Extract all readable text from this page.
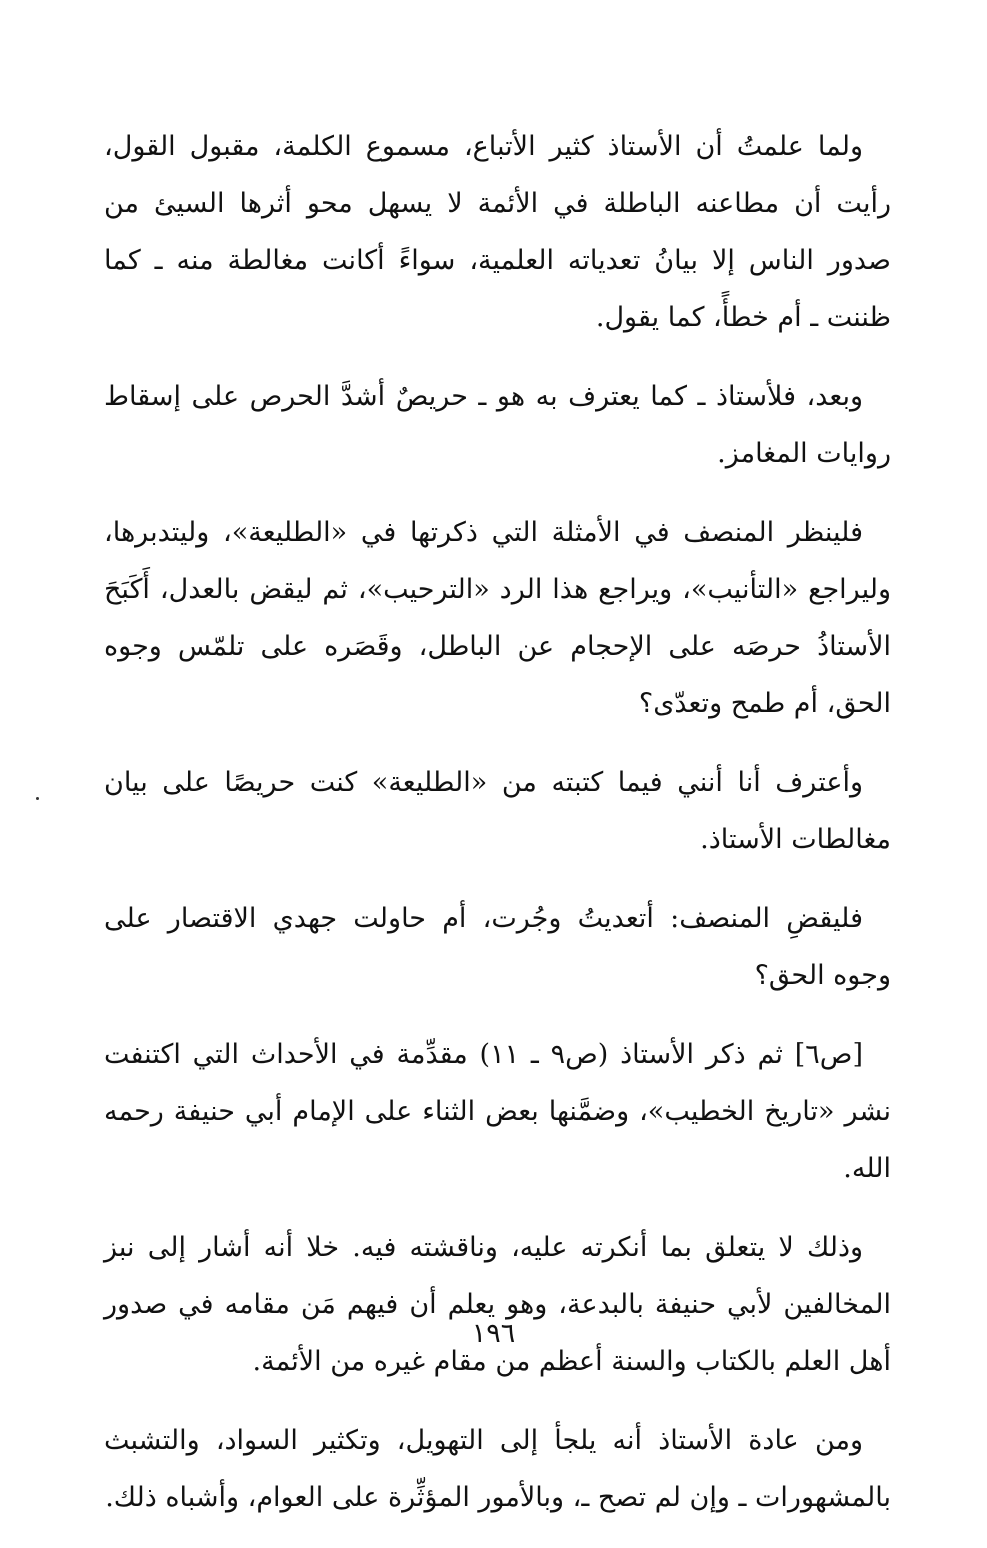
ولما علمتُ أن الأستاذ كثير الأتباع، مسموع الكلمة، مقبول القول، رأيت أن مطاعنه الباطلة في الأئمة لا يسهل محو أثرها السيئ من صدور الناس إلا بيانُ تعدياته العلمية، سواءً أكانت مغالطة منه ـ كما ظننت ـ أم خطأً، كما يقول.

وبعد، فلأستاذ ـ كما يعترف به هو ـ حريصٌ أشدَّ الحرص على إسقاط روايات المغامز.

فلينظر المنصف في الأمثلة التي ذكرتها في «الطليعة»، وليتدبرها، وليراجع «التأنيب»، ويراجع هذا الرد «الترحيب»، ثم ليقض بالعدل، أَكَبَحَ الأستاذُ حرصَه على الإحجام عن الباطل، وقَصَره على تلمّس وجوه الحق، أم طمح وتعدّى؟

وأعترف أنا أنني فيما كتبته من «الطليعة» كنت حريصًا على بيان مغالطات الأستاذ.

فليقضِ المنصف: أتعديتُ وجُرت، أم حاولت جهدي الاقتصار على وجوه الحق؟

[ص٦] ثم ذكر الأستاذ (ص٩ ـ ١١) مقدِّمة في الأحداث التي اكتنفت نشر «تاريخ الخطيب»، وضمَّنها بعض الثناء على الإمام أبي حنيفة رحمه الله.

وذلك لا يتعلق بما أنكرته عليه، وناقشته فيه. خلا أنه أشار إلى نبز المخالفين لأبي حنيفة بالبدعة، وهو يعلم أن فيهم مَن مقامه في صدور أهل العلم بالكتاب والسنة أعظم من مقام غيره من الأئمة.

ومن عادة الأستاذ أنه يلجأ إلى التهويل، وتكثير السواد، والتشبث بالمشهورات ـ وإن لم تصح ـ، وبالأمور المؤثِّرة على العوام، وأشباه ذلك.

١٩٦
